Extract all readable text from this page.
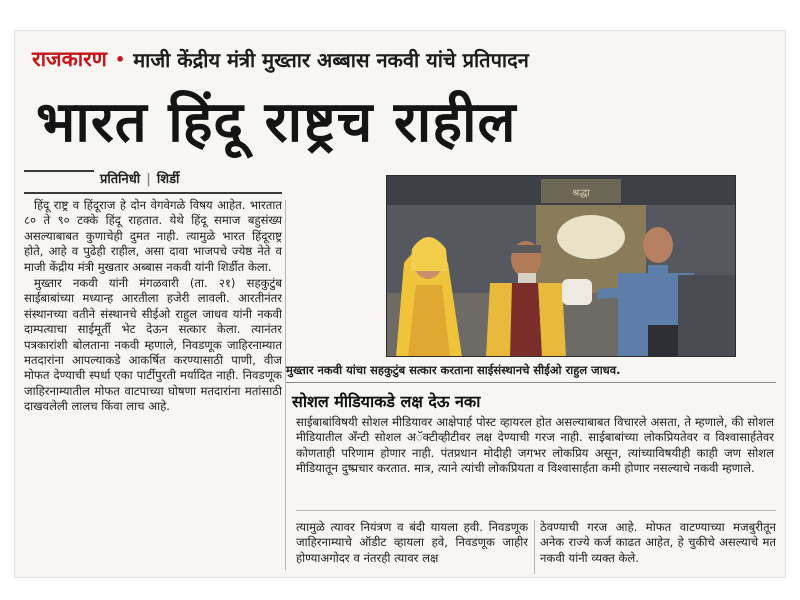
राजकारण • माजी केंद्रीय मंत्री मुख्तार अब्बास नकवी यांचे प्रतिपादन
भारत हिंदू राष्ट्रच राहील
प्रतिनिधी | शिर्डी

हिंदू राष्ट्र व हिंदूराज हे दोन वेगवेगळे विषय आहेत. भारतात ८० ते ९० टक्के हिंदू राहतात. येथे हिंदू समाज बहुसंख्य असल्याबाबत कुणाचेही दुमत नाही. त्यामुळे भारत हिंदूराष्ट्र होते, आहे व पुढेही राहील, असा दावा भाजपचे ज्येष्ठ नेते व माजी केंद्रीय मंत्री मुखतार अब्बास नकवी यांनी शिर्डीत केला.

मुख्तार नकवी यांनी मंगळवारी (ता. २१) सहकुटुंब साईबाबांच्या मध्यान्ह आरतीला हजेरी लावली. आरतीनंतर संस्थानच्या वतीने संस्थानचे सीईओ राहुल जाधव यांनी नकवी दाम्पत्याचा साईमूर्ती भेट देऊन सत्कार केला. त्यानंतर पत्रकारांशी बोलताना नकवी म्हणाले, निवडणूक जाहिरनाम्यात मतदारांना आपल्याकडे आकर्षित करण्यासाठी पाणी, वीज मोफत देण्याची स्पर्धा एका पार्टीपुरती मर्यादित नाही. निवडणूक जाहिरनाम्यातील मोफत वाटपाच्या घोषणा मतदारांना मतांसाठी दाखवलेली लालच किंवा लाच आहे.

श्रद्धा
मुख्तार नकवी यांचा सहकुटुंब सत्कार करताना साईसंस्थानचे सीईओ राहुल जाधव.
सोशल मीडियाकडे लक्ष देऊ नका
साईबाबांविषयी सोशल मीडियावर आक्षेपार्ह पोस्ट व्हायरल होत असल्याबाबत विचारले असता, ते म्हणाले, की सोशल मीडियातील अँन्टी सोशल अॅक्टीव्हीटीवर लक्ष देण्याची गरज नाही. साईबाबांच्या लोकप्रियतेवर व विश्वासार्हतेवर कोणताही परिणाम होणार नाही. पंतप्रधान मोदीही जगभर लोकप्रिय असून, त्यांच्याविषयीही काही जण सोशल मीडियातून दुष्प्रचार करतात. मात्र, त्याने त्यांची लोकप्रियता व विश्वासार्हता कमी होणार नसल्याचे नकवी म्हणाले.
त्यामुळे त्यावर नियंत्रण व बंदी यायला हवी. निवडणूक जाहिरनाम्याचे ऑडीट व्हायला हवे, निवडणूक जाहीर होण्याअगोदर व नंतरही त्यावर लक्ष
ठेवण्याची गरज आहे. मोफत वाटण्याच्या मजबुरीतून अनेक राज्ये कर्ज काढत आहेत, हे चुकीचे असल्याचे मत नकवी यांनी व्यक्त केले.
